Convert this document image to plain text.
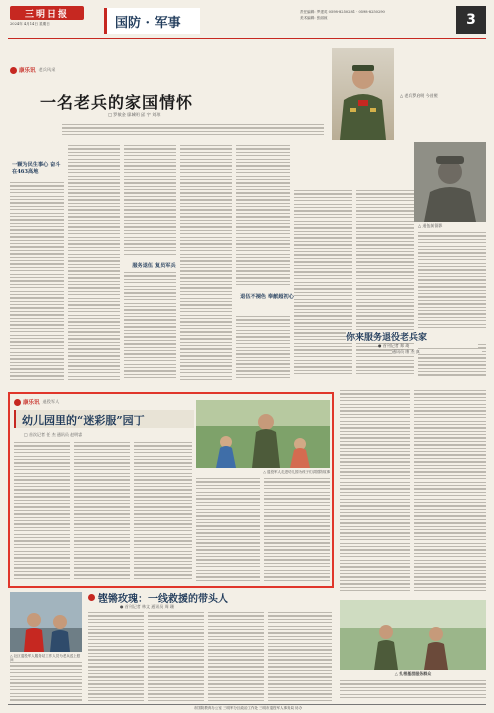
三明日报
2024年 4月14日 星期日	国防 · 军事
责任编辑: 罗建英 0598-8250281 · 0598-8250290
美术编辑: 张丽琼	3
康乐讯 老兵风采
一名老兵的家国情怀
□ 罗敏金 廖城明 邱 宇 刘琼
一颗为民生事心 奋斗在463高地
服务退伍 复员军兵
退伍不褪色 奉献超初心
△ 老兵罗启明 今昔照
△ 退伍前留影
康乐讯 退役军人
幼儿园里的“迷彩服”园丁
□ 首次记者 任 杰 通讯员 赵明睿
△ 退役军人走进幼儿园为孩子们讲国防故事
你来服务退役老兵家
● 首刊记者 郑 琦
通讯员 康 杰 真
铿锵玫瑰：一线救援的带头人
● 首刊记者 林文 通讯员 周 珊
△ 社区退役军人服务站工作人员为老兵送上慰问
△ 扎根基层服务群众
市国防教育办公室 三明军分区政治工作处 三明市退役军人事务局 协办
